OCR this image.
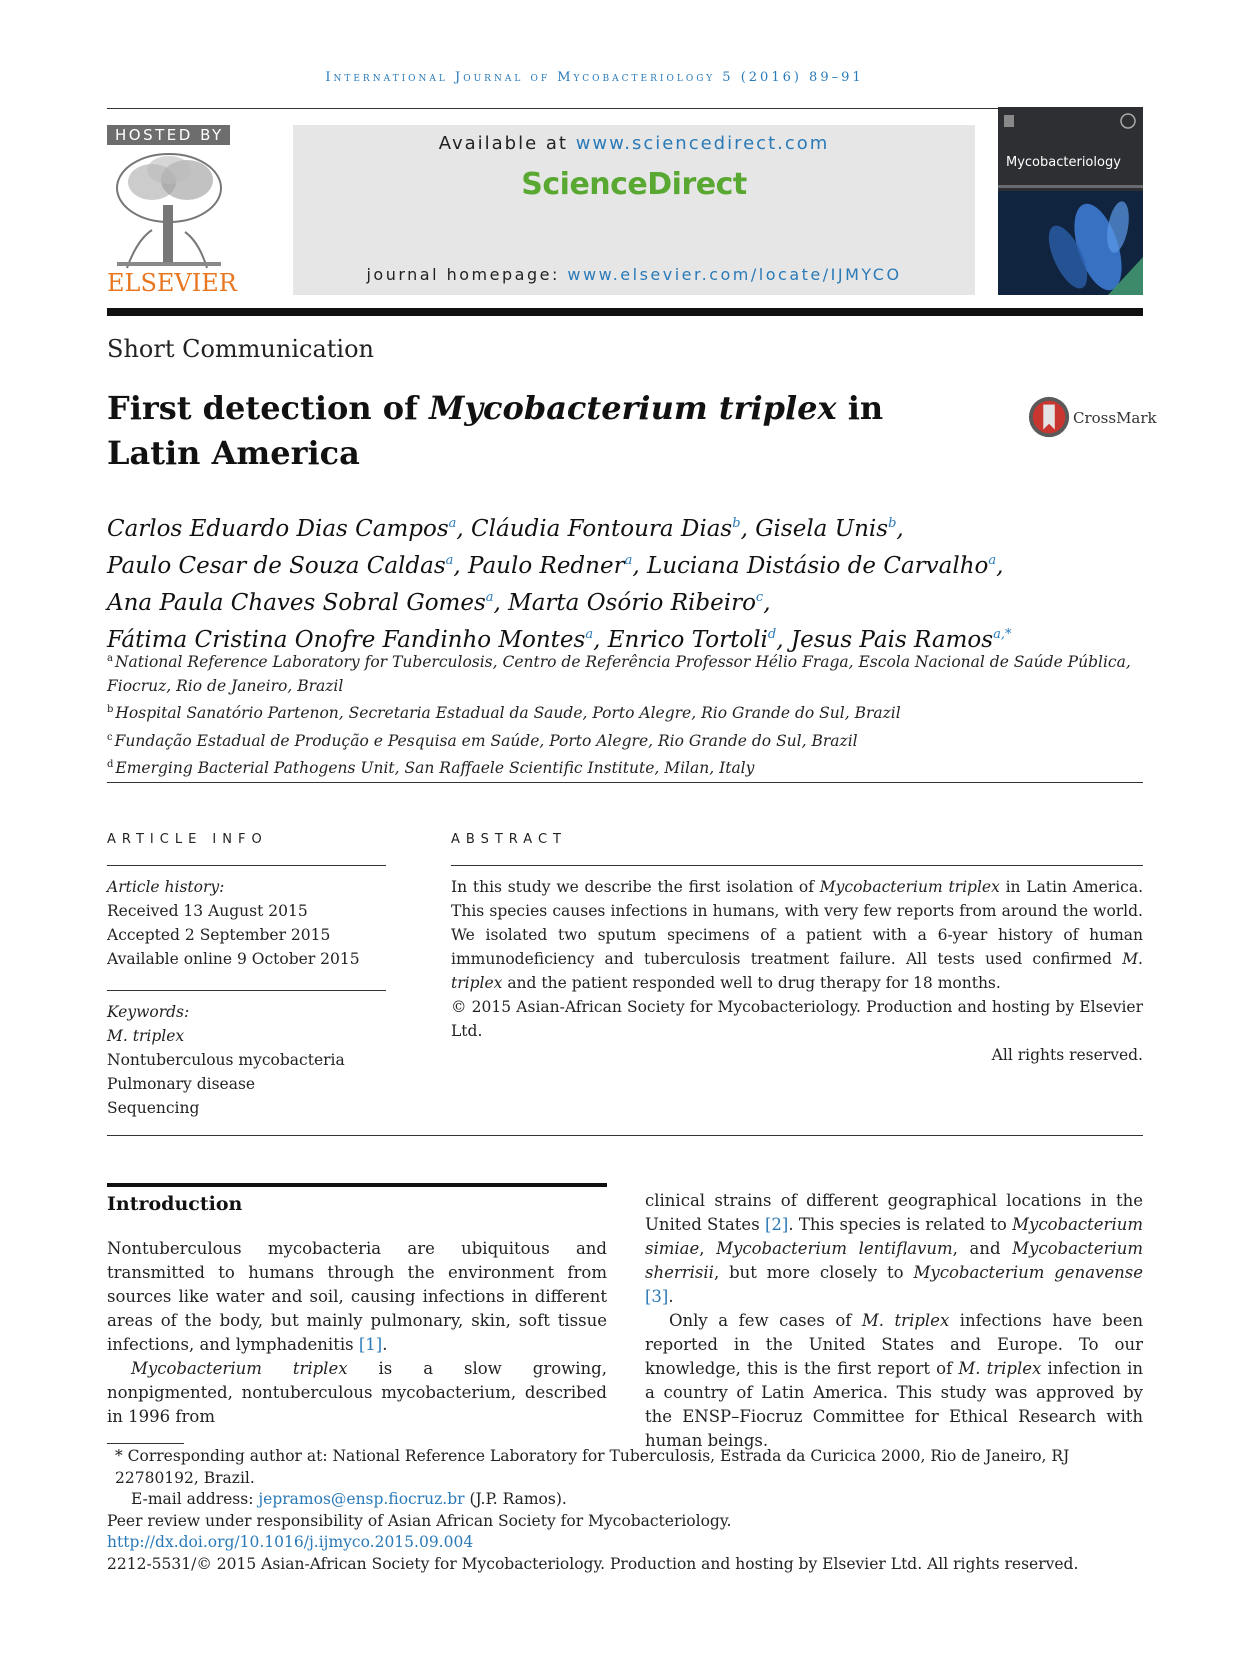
International Journal of Mycobacteriology 5 (2016) 89–91
HOSTED BY
ELSEVIER
Available at www.sciencedirect.com
ScienceDirect
journal homepage: www.elsevier.com/locate/IJMYCO
Mycobacteriology
Short Communication
First detection of Mycobacterium triplex in Latin America
CrossMark
Carlos Eduardo Dias Campos$^a$, Cláudia Fontoura Dias$^b$, Gisela Unis$^b$,
Paulo Cesar de Souza Caldas$^a$, Paulo Redner$^a$, Luciana Distásio de Carvalho$^a$,
Ana Paula Chaves Sobral Gomes$^a$, Marta Osório Ribeiro$^c$,
Fátima Cristina Onofre Fandinho Montes$^a$, Enrico Tortoli$^d$, Jesus Pais Ramos$^{a,*}$
$^a$ National Reference Laboratory for Tuberculosis, Centro de Referência Professor Hélio Fraga, Escola Nacional de Saúde Pública, Fiocruz, Rio de Janeiro, Brazil
$^b$ Hospital Sanatório Partenon, Secretaria Estadual da Saude, Porto Alegre, Rio Grande do Sul, Brazil
$^c$ Fundação Estadual de Produção e Pesquisa em Saúde, Porto Alegre, Rio Grande do Sul, Brazil
$^d$ Emerging Bacterial Pathogens Unit, San Raffaele Scientific Institute, Milan, Italy
ARTICLE INFO	ABSTRACT
Article history:
Received 13 August 2015
Accepted 2 September 2015
Available online 9 October 2015
Keywords:
M. triplex
Nontuberculous mycobacteria
Pulmonary disease
Sequencing
In this study we describe the first isolation of Mycobacterium triplex in Latin America. This species causes infections in humans, with very few reports from around the world. We isolated two sputum specimens of a patient with a 6-year history of human immunodeficiency and tuberculosis treatment failure. All tests used confirmed M. triplex and the patient responded well to drug therapy for 18 months.
© 2015 Asian-African Society for Mycobacteriology. Production and hosting by Elsevier Ltd.
All rights reserved.
Introduction

Nontuberculous mycobacteria are ubiquitous and transmitted to humans through the environment from sources like water and soil, causing infections in different areas of the body, but mainly pulmonary, skin, soft tissue infections, and lymphadenitis [1].

Mycobacterium triplex is a slow growing, nonpigmented, nontuberculous mycobacterium, described in 1996 from

clinical strains of different geographical locations in the United States [2]. This species is related to Mycobacterium simiae, Mycobacterium lentiflavum, and Mycobacterium sherrisii, but more closely to Mycobacterium genavense [3].

Only a few cases of M. triplex infections have been reported in the United States and Europe. To our knowledge, this is the first report of M. triplex infection in a country of Latin America. This study was approved by the ENSP–Fiocruz Committee for Ethical Research with human beings.

* Corresponding author at: National Reference Laboratory for Tuberculosis, Estrada da Curicica 2000, Rio de Janeiro, RJ 22780192, Brazil.
E-mail address: jepramos@ensp.fiocruz.br (J.P. Ramos).
Peer review under responsibility of Asian African Society for Mycobacteriology.
http://dx.doi.org/10.1016/j.ijmyco.2015.09.004
2212-5531/© 2015 Asian-African Society for Mycobacteriology. Production and hosting by Elsevier Ltd. All rights reserved.
